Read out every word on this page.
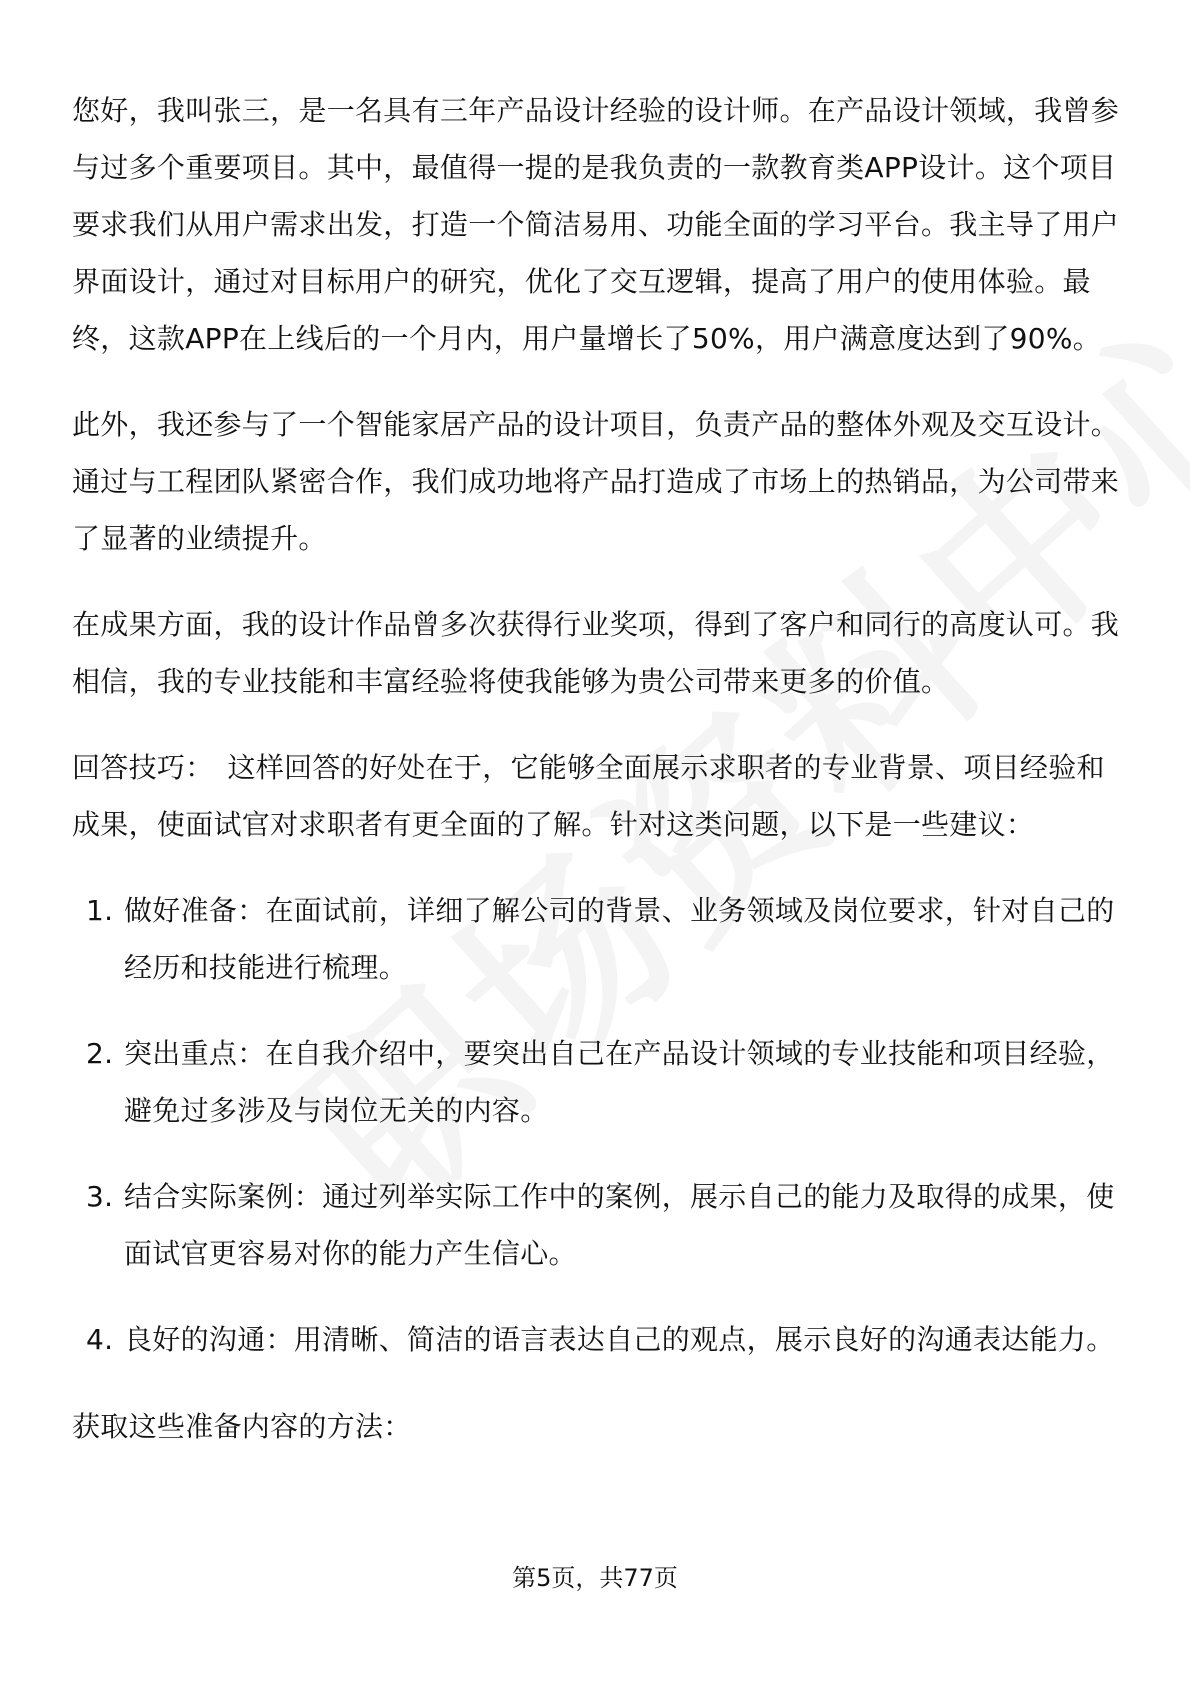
您好，我叫张三，是一名具有三年产品设计经验的设计师。在产品设计领域，我曾参与过多个重要项目。其中，最值得一提的是我负责的一款教育类APP设计。这个项目要求我们从用户需求出发，打造一个简洁易用、功能全面的学习平台。我主导了用户界面设计，通过对目标用户的研究，优化了交互逻辑，提高了用户的使用体验。最终，这款APP在上线后的一个月内，用户量增长了50%，用户满意度达到了90%。

此外，我还参与了一个智能家居产品的设计项目，负责产品的整体外观及交互设计。通过与工程团队紧密合作，我们成功地将产品打造成了市场上的热销品，为公司带来了显著的业绩提升。

在成果方面，我的设计作品曾多次获得行业奖项，得到了客户和同行的高度认可。我相信，我的专业技能和丰富经验将使我能够为贵公司带来更多的价值。

回答技巧： 这样回答的好处在于，它能够全面展示求职者的专业背景、项目经验和成果，使面试官对求职者有更全面的了解。针对这类问题，以下是一些建议：

1. 做好准备：在面试前，详细了解公司的背景、业务领域及岗位要求，针对自己的经历和技能进行梳理。
2. 突出重点：在自我介绍中，要突出自己在产品设计领域的专业技能和项目经验，避免过多涉及与岗位无关的内容。
3. 结合实际案例：通过列举实际工作中的案例，展示自己的能力及取得的成果，使面试官更容易对你的能力产生信心。
4. 良好的沟通：用清晰、简洁的语言表达自己的观点，展示良好的沟通表达能力。

获取这些准备内容的方法：

第5页，共77页
